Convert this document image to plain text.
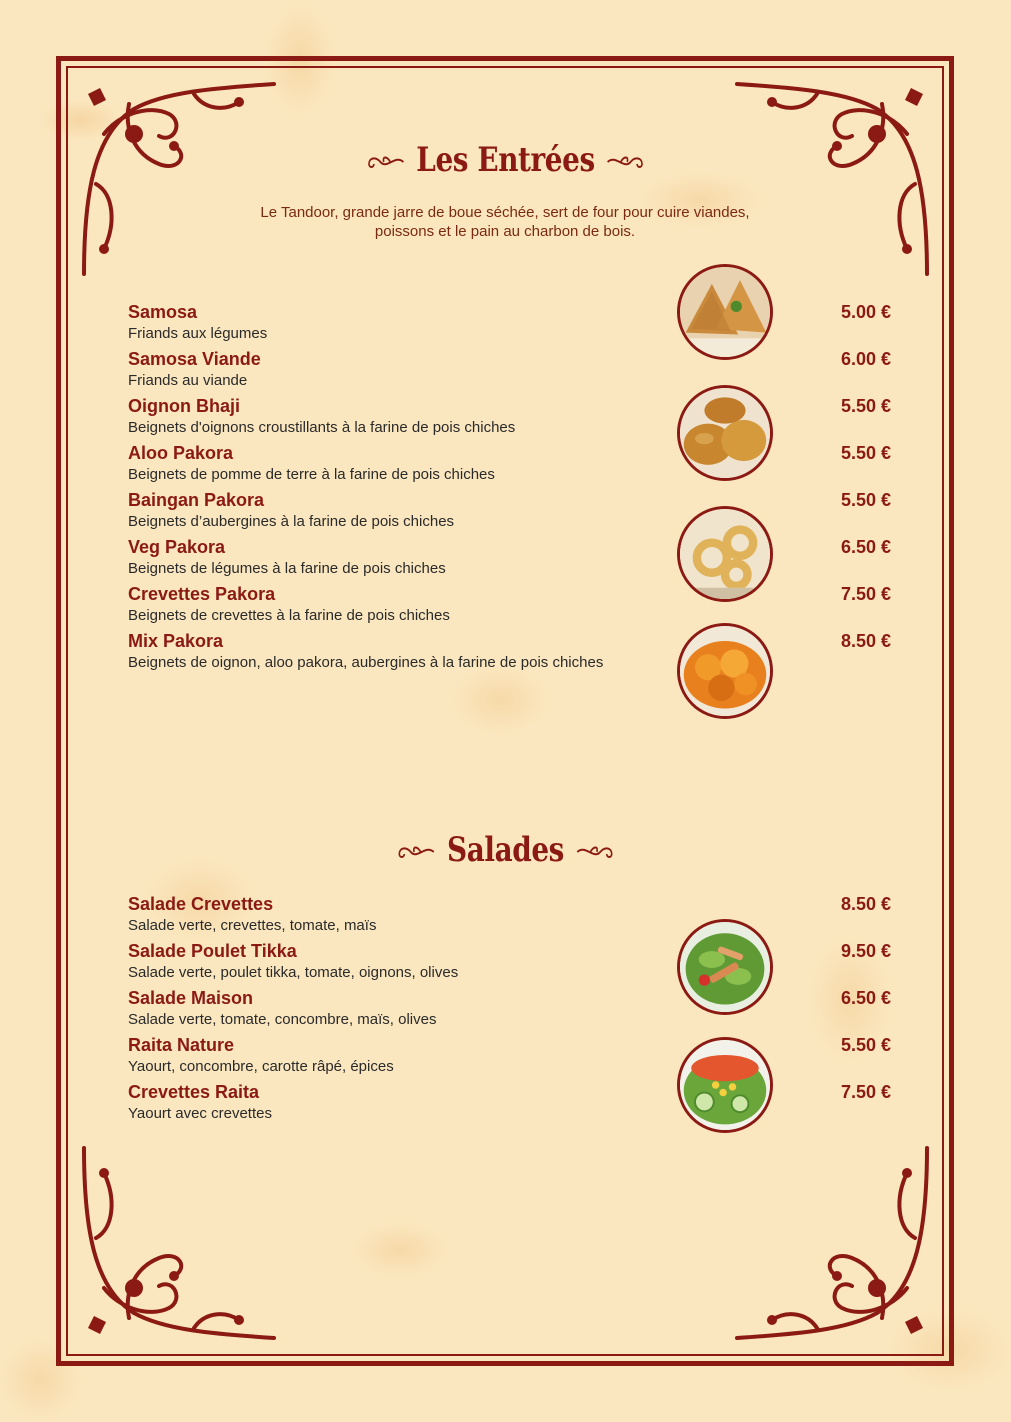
Les Entrées
Le Tandoor, grande jarre de boue séchée, sert de four pour cuire viandes, poissons et le pain au charbon de bois.
Samosa
Friands aux légumes
5.00 €
Samosa Viande
Friands au viande
6.00 €
Oignon Bhaji
Beignets d'oignons croustillants à la farine de pois chiches
5.50 €
Aloo Pakora
Beignets de pomme de terre à la farine de pois chiches
5.50 €
Baingan Pakora
Beignets d’aubergines à la farine de pois chiches
5.50 €
Veg Pakora
Beignets de légumes à la farine de pois chiches
6.50 €
Crevettes Pakora
Beignets de crevettes à la farine de pois chiches
7.50 €
Mix Pakora
Beignets de oignon, aloo pakora, aubergines à la farine de pois chiches
8.50 €
Salades
Salade Crevettes
Salade verte, crevettes, tomate, maïs
8.50 €
Salade Poulet Tikka
Salade verte, poulet tikka, tomate, oignons, olives
9.50 €
Salade Maison
Salade verte, tomate, concombre, maïs, olives
6.50 €
Raita Nature
Yaourt, concombre, carotte râpé, épices
5.50 €
Crevettes Raita
Yaourt avec crevettes
7.50 €
